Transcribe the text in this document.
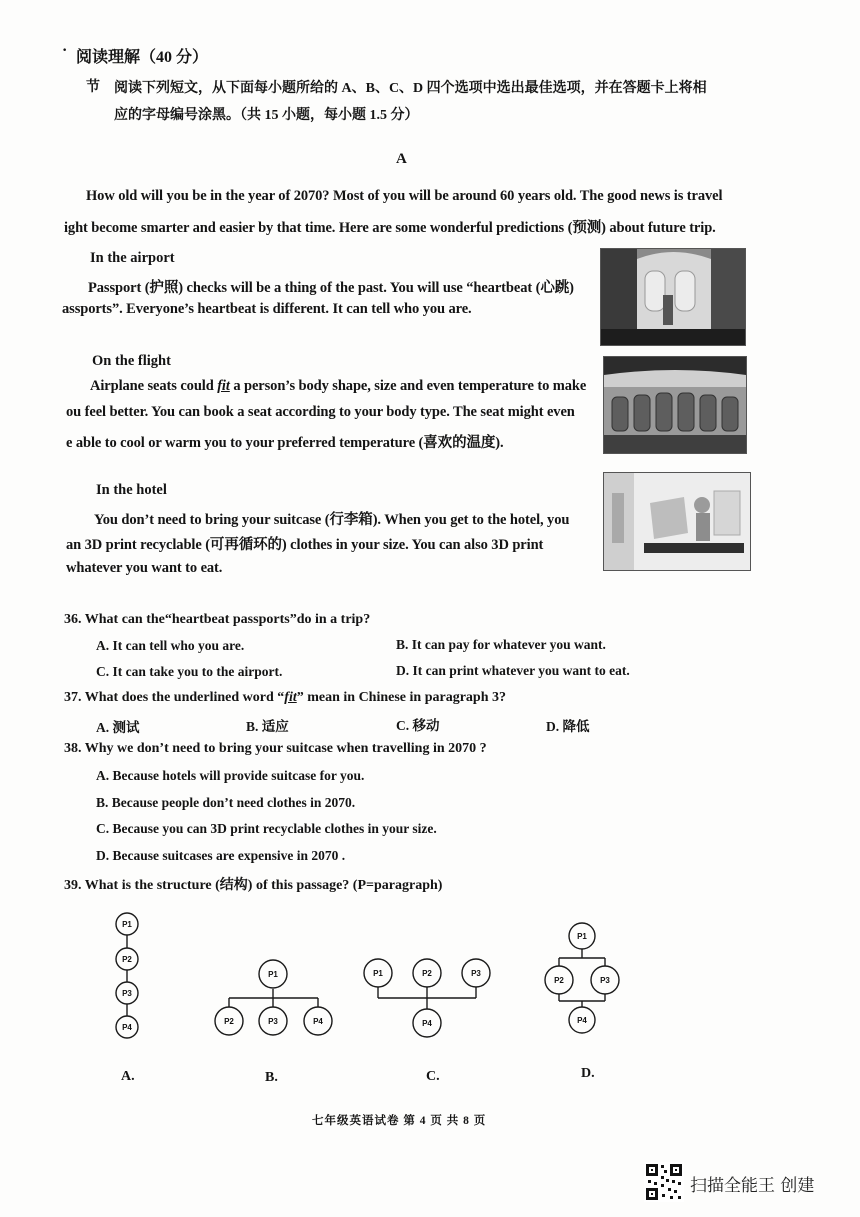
· 阅读理解（40 分）
节 阅读下列短文，从下面每小题所给的 A、B、C、D 四个选项中选出最佳选项，并在答题卡上将相
应的字母编号涂黑。（共 15 小题，每小题 1.5 分）
A
How old will you be in the year of 2070? Most of you will be around 60 years old. The good news is travel
ight become smarter and easier by that time. Here are some wonderful predictions (预测) about future trip.
In the airport
Passport (护照) checks will be a thing of the past. You will use “heartbeat (心跳)
assports”. Everyone’s heartbeat is different. It can tell who you are.
On the flight
Airplane seats could fit a person’s body shape, size and even temperature to make
ou feel better. You can book a seat according to your body type. The seat might even
e able to cool or warm you to your preferred temperature (喜欢的温度).
In the hotel
You don’t need to bring your suitcase (行李箱). When you get to the hotel, you
an 3D print recyclable (可再循环的) clothes in your size. You can also 3D print
whatever you want to eat.
36. What can the“heartbeat passports”do in a trip?
A. It can tell who you are.	B. It can pay for whatever you want.
C. It can take you to the airport.	D. It can print whatever you want to eat.
37. What does the underlined word “fit” mean in Chinese in paragraph 3?
A. 测试	B. 适应	C. 移动	D. 降低
38. Why we don’t need to bring your suitcase when travelling in 2070 ?
A. Because hotels will provide suitcase for you.
B. Because people don’t need clothes in 2070.
C. Because you can 3D print recyclable clothes in your size.
D. Because suitcases are expensive in 2070 .
39. What is the structure (结构) of this passage? (P=paragraph)
P1
P2
P3
P4
P1
P2	P3	P4
P1	P2	P3
P4
P1
P2	P3
P4
A.	B.	C.	D.
七年级英语试卷 第 4 页 共 8 页
扫描全能王 创建
